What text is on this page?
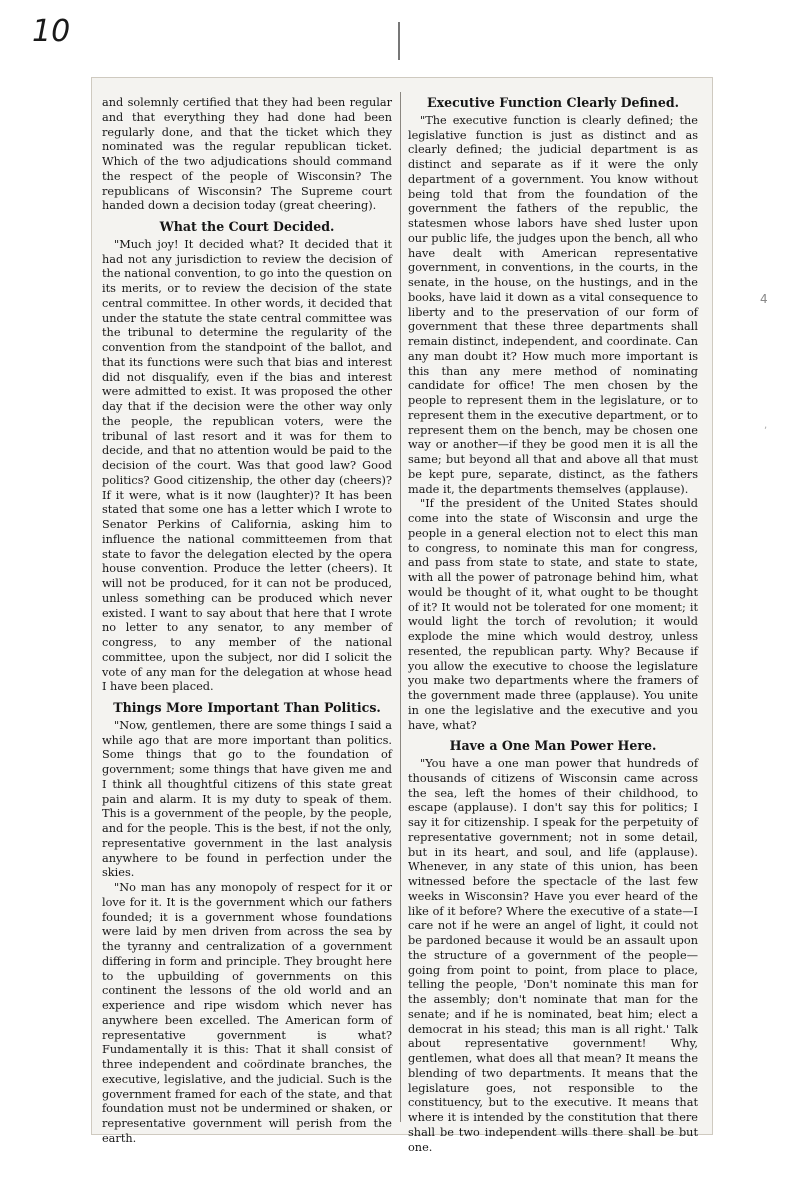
10

and solemnly certified that they had been regular and that everything they had done had been regularly done, and that the ticket which they nominated was the regular republican ticket. Which of the two adjudications should command the respect of the people of Wisconsin? The republicans of Wisconsin? The Supreme court handed down a decision today (great cheering).

What the Court Decided.

"Much joy! It decided what? It decided that it had not any jurisdiction to review the decision of the national convention, to go into the question on its merits, or to review the decision of the state central committee. In other words, it decided that under the statute the state central committee was the tribunal to determine the regularity of the convention from the standpoint of the ballot, and that its functions were such that bias and interest did not disqualify, even if the bias and interest were admitted to exist. It was proposed the other day that if the decision were the other way only the people, the republican voters, were the tribunal of last resort and it was for them to decide, and that no attention would be paid to the decision of the court. Was that good law? Good politics? Good citizenship, the other day (cheers)? If it were, what is it now (laughter)? It has been stated that some one has a letter which I wrote to Senator Perkins of California, asking him to influence the national committeemen from that state to favor the delegation elected by the opera house convention. Produce the letter (cheers). It will not be produced, for it can not be produced, unless something can be produced which never existed. I want to say about that here that I wrote no letter to any senator, to any member of congress, to any member of the national committee, upon the subject, nor did I solicit the vote of any man for the delegation at whose head I have been placed.

Things More Important Than Politics.

"Now, gentlemen, there are some things I said a while ago that are more important than politics. Some things that go to the foundation of government; some things that have given me and I think all thoughtful citizens of this state great pain and alarm. It is my duty to speak of them. This is a government of the people, by the people, and for the people. This is the best, if not the only, representative government in the last analysis anywhere to be found in perfection under the skies.

"No man has any monopoly of respect for it or love for it. It is the government which our fathers founded; it is a government whose foundations were laid by men driven from across the sea by the tyranny and centralization of a government differing in form and principle. They brought here to the upbuilding of governments on this continent the lessons of the old world and an experience and ripe wisdom which never has anywhere been excelled. The American form of representative government is what? Fundamentally it is this: That it shall consist of three independent and coördinate branches, the executive, legislative, and the judicial. Such is the government framed for each of the state, and that foundation must not be undermined or shaken, or representative government will perish from the earth.

Executive Function Clearly Defined.

"The executive function is clearly defined; the legislative function is just as distinct and as clearly defined; the judicial department is as distinct and separate as if it were the only department of a government. You know without being told that from the foundation of the government the fathers of the republic, the statesmen whose labors have shed luster upon our public life, the judges upon the bench, all who have dealt with American representative government, in conventions, in the courts, in the senate, in the house, on the hustings, and in the books, have laid it down as a vital consequence to liberty and to the preservation of our form of government that these three departments shall remain distinct, independent, and coordinate. Can any man doubt it? How much more important is this than any mere method of nominating candidate for office! The men chosen by the people to represent them in the legislature, or to represent them in the executive department, or to represent them on the bench, may be chosen one way or another—if they be good men it is all the same; but beyond all that and above all that must be kept pure, separate, distinct, as the fathers made it, the departments themselves (applause).

"If the president of the United States should come into the state of Wisconsin and urge the people in a general election not to elect this man to congress, to nominate this man for congress, and pass from state to state, and state to state, with all the power of patronage behind him, what would be thought of it, what ought to be thought of it? It would not be tolerated for one moment; it would light the torch of revolution; it would explode the mine which would destroy, unless resented, the republican party. Why? Because if you allow the executive to choose the legislature you make two departments where the framers of the government made three (applause). You unite in one the legislative and the executive and you have, what?

Have a One Man Power Here.

"You have a one man power that hundreds of thousands of citizens of Wisconsin came across the sea, left the homes of their childhood, to escape (applause). I don't say this for politics; I say it for citizenship. I speak for the perpetuity of representative government; not in some detail, but in its heart, and soul, and life (applause). Whenever, in any state of this union, has been witnessed before the spectacle of the last few weeks in Wisconsin? Have you ever heard of the like of it before? Where the executive of a state—I care not if he were an angel of light, it could not be pardoned because it would be an assault upon the structure of a government of the people—going from point to point, from place to place, telling the people, 'Don't nominate this man for the assembly; don't nominate that man for the senate; and if he is nominated, beat him; elect a democrat in his stead; this man is all right.' Talk about representative government! Why, gentlemen, what does all that mean? It means the blending of two departments. It means that the legislature goes, not responsible to the constituency, but to the executive. It means that where it is intended by the constitution that there shall be two independent wills there shall be but one.

4
,
